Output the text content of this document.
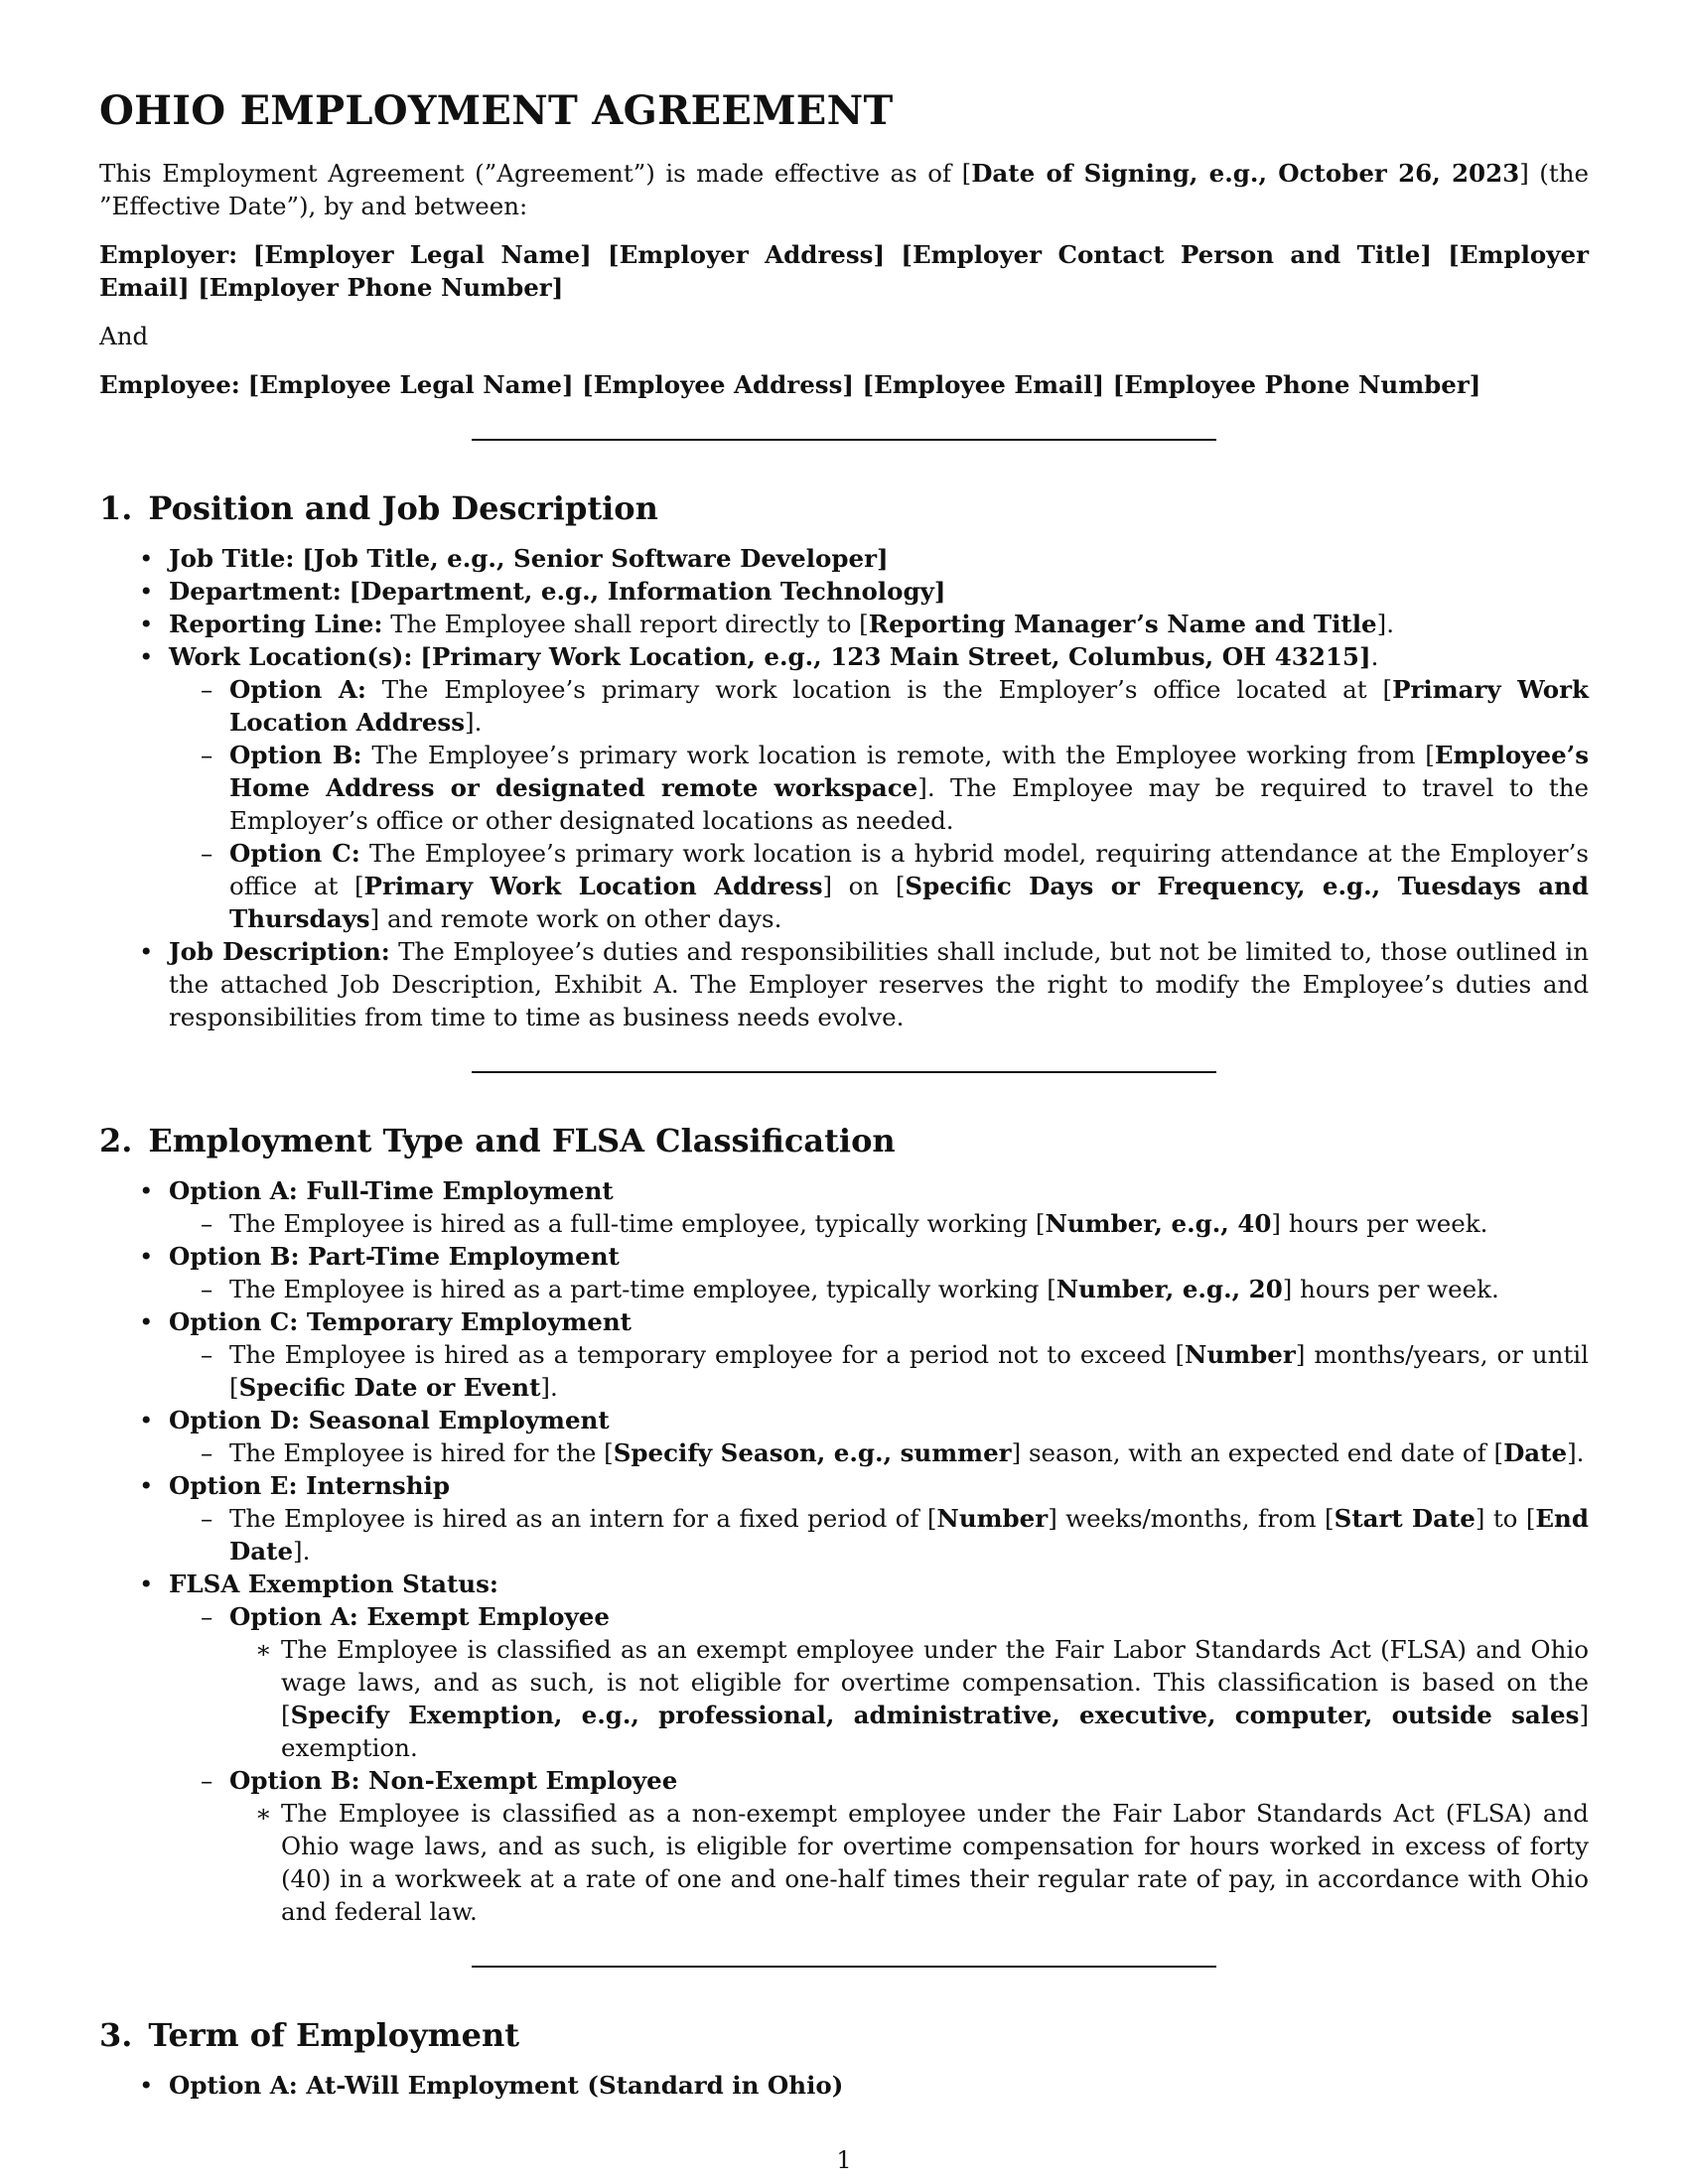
OHIO EMPLOYMENT AGREEMENT

This Employment Agreement (”Agreement”) is made effective as of [Date of Signing, e.g., October 26, 2023] (the ”Effective Date”), by and between:

Employer: [Employer Legal Name] [Employer Address] [Employer Contact Person and Title] [Employer Email] [Employer Phone Number]

And

Employee: [Employee Legal Name] [Employee Address] [Employee Email] [Employee Phone Number]

1. Position and Job Description
• Job Title: [Job Title, e.g., Senior Software Developer]
• Department: [Department, e.g., Information Technology]
• Reporting Line: The Employee shall report directly to [Reporting Manager’s Name and Title].
• Work Location(s): [Primary Work Location, e.g., 123 Main Street, Columbus, OH 43215].
– Option A: The Employee’s primary work location is the Employer’s office located at [Primary Work Location Address].
– Option B: The Employee’s primary work location is remote, with the Employee working from [Employee’s Home Address or designated remote workspace]. The Employee may be required to travel to the Employer’s office or other designated locations as needed.
– Option C: The Employee’s primary work location is a hybrid model, requiring attendance at the Employer’s office at [Primary Work Location Address] on [Specific Days or Frequency, e.g., Tuesdays and Thursdays] and remote work on other days.
• Job Description: The Employee’s duties and responsibilities shall include, but not be limited to, those outlined in the attached Job Description, Exhibit A. The Employer reserves the right to modify the Employee’s duties and responsibilities from time to time as business needs evolve.
2. Employment Type and FLSA Classification
• Option A: Full-Time Employment
– The Employee is hired as a full-time employee, typically working [Number, e.g., 40] hours per week.
• Option B: Part-Time Employment
– The Employee is hired as a part-time employee, typically working [Number, e.g., 20] hours per week.
• Option C: Temporary Employment
– The Employee is hired as a temporary employee for a period not to exceed [Number] months/years, or until [Specific Date or Event].
• Option D: Seasonal Employment
– The Employee is hired for the [Specify Season, e.g., summer] season, with an expected end date of [Date].
• Option E: Internship
– The Employee is hired as an intern for a fixed period of [Number] weeks/months, from [Start Date] to [End Date].
• FLSA Exemption Status:
– Option A: Exempt Employee
∗ The Employee is classified as an exempt employee under the Fair Labor Standards Act (FLSA) and Ohio wage laws, and as such, is not eligible for overtime compensation. This classification is based on the [Specify Exemption, e.g., professional, administrative, executive, computer, outside sales] exemption.
– Option B: Non-Exempt Employee
∗ The Employee is classified as a non-exempt employee under the Fair Labor Standards Act (FLSA) and Ohio wage laws, and as such, is eligible for overtime compensation for hours worked in excess of forty (40) in a workweek at a rate of one and one-half times their regular rate of pay, in accordance with Ohio and federal law.
3. Term of Employment
• Option A: At-Will Employment (Standard in Ohio)
1
